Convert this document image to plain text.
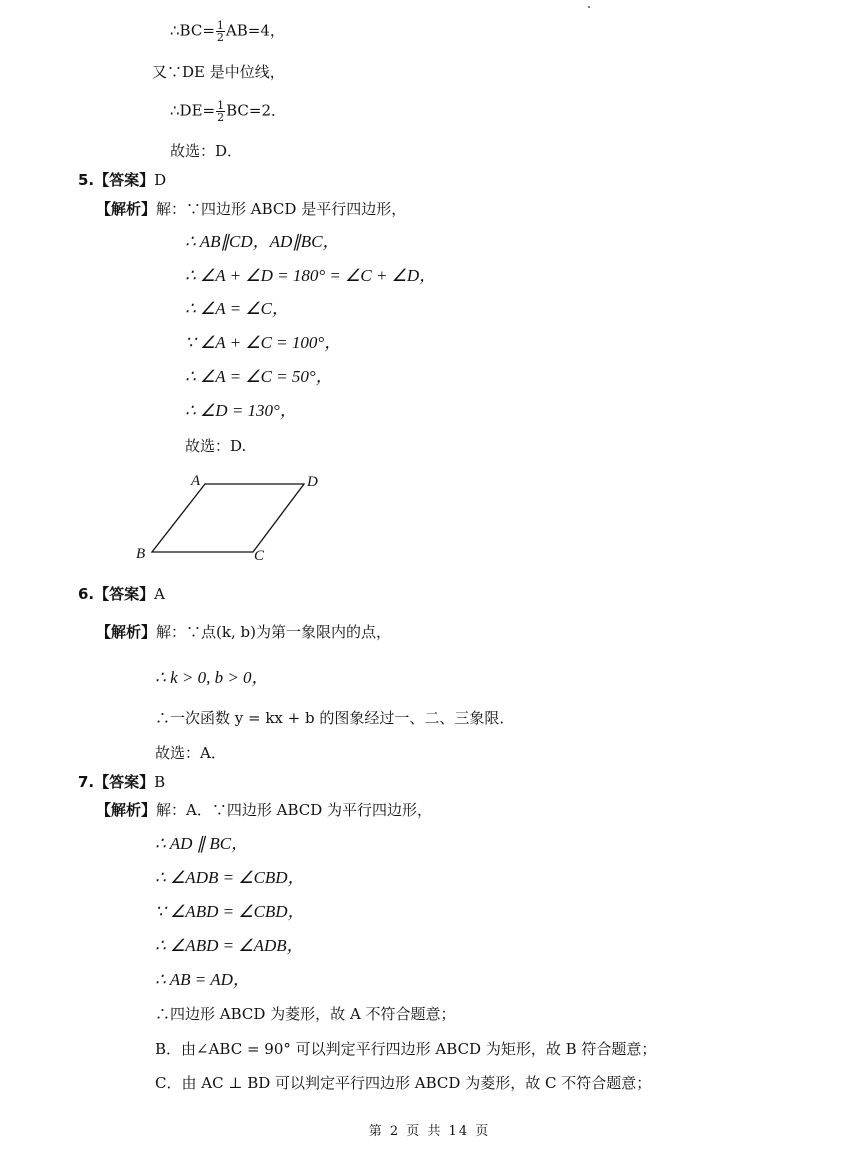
∴BC= $\frac{1}{2} AB=4$，
又∵DE 是中位线，
∴DE= $\frac{1}{2} BC=2$．
故选：D．
5.【答案】D
【解析】解：∵四边形 ABCD 是平行四边形，
∴ AB∥CD，AD∥BC，
∴ ∠A + ∠D = 180° = ∠C + ∠D，
∴ ∠A = ∠C，
∵ ∠A + ∠C = 100°，
∴ ∠A = ∠C = 50°，
∴ ∠D = 130°，
故选：D.
A	D
B	C
6.【答案】A
【解析】解：∵点(k, b)为第一象限内的点，
∴ k > 0, b > 0，
∴一次函数 y = kx + b 的图象经过一、二、三象限．
故选：A．
7.【答案】B
【解析】解：A．∵四边形 ABCD 为平行四边形，
∴ AD ∥ BC，
∴ ∠ADB = ∠CBD，
∵ ∠ABD = ∠CBD，
∴ ∠ABD = ∠ADB，
∴ AB = AD，
∴四边形 ABCD 为菱形，故 A 不符合题意；
B．由∠ABC = 90° 可以判定平行四边形 ABCD 为矩形，故 B 符合题意；
C．由 AC ⊥ BD 可以判定平行四边形 ABCD 为菱形，故 C 不符合题意；
第 2 页 共 14 页
